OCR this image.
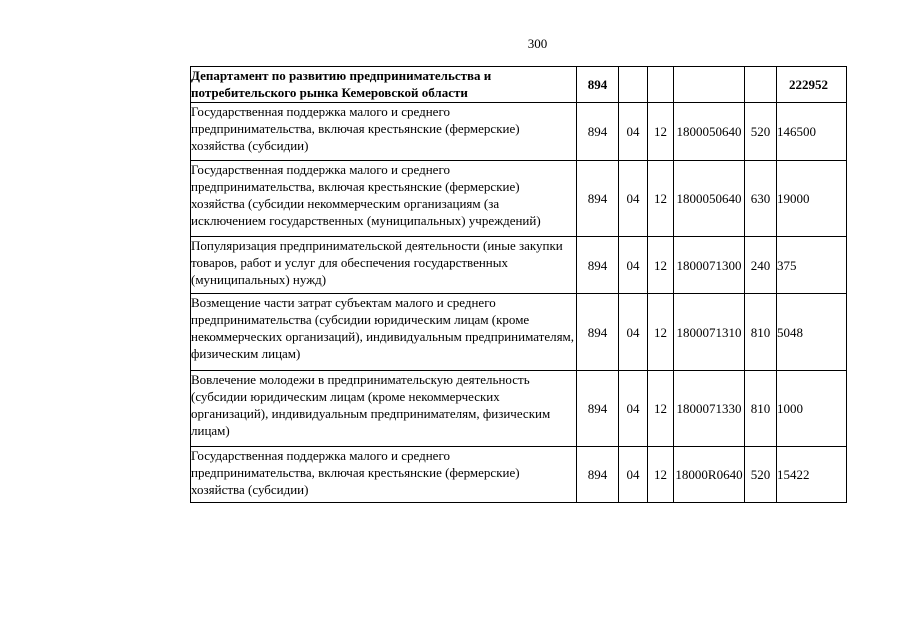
300
Департамент по развитию предпринимательства и потребительского рынка Кемеровской области	894					222952
Государственная поддержка малого и среднего предпринимательства, включая крестьянские (фермерские) хозяйства (субсидии)	894	04	12	1800050640	520	146500
Государственная поддержка малого и среднего предпринимательства, включая крестьянские (фермерские) хозяйства (субсидии некоммерческим организациям (за исключением государственных (муниципальных) учреждений)	894	04	12	1800050640	630	19000
Популяризация предпринимательской деятельности (иные закупки товаров, работ и услуг для обеспечения государственных (муниципальных) нужд)	894	04	12	1800071300	240	375
Возмещение части затрат субъектам малого и среднего предпринимательства (субсидии юридическим лицам (кроме некоммерческих организаций), индивидуальным предпринимателям, физическим лицам)	894	04	12	1800071310	810	5048
Вовлечение молодежи в предпринимательскую деятельность (субсидии юридическим лицам (кроме некоммерческих организаций), индивидуальным предпринимателям, физическим лицам)	894	04	12	1800071330	810	1000
Государственная поддержка малого и среднего предпринимательства, включая крестьянские (фермерские) хозяйства (субсидии)	894	04	12	18000R0640	520	15422
